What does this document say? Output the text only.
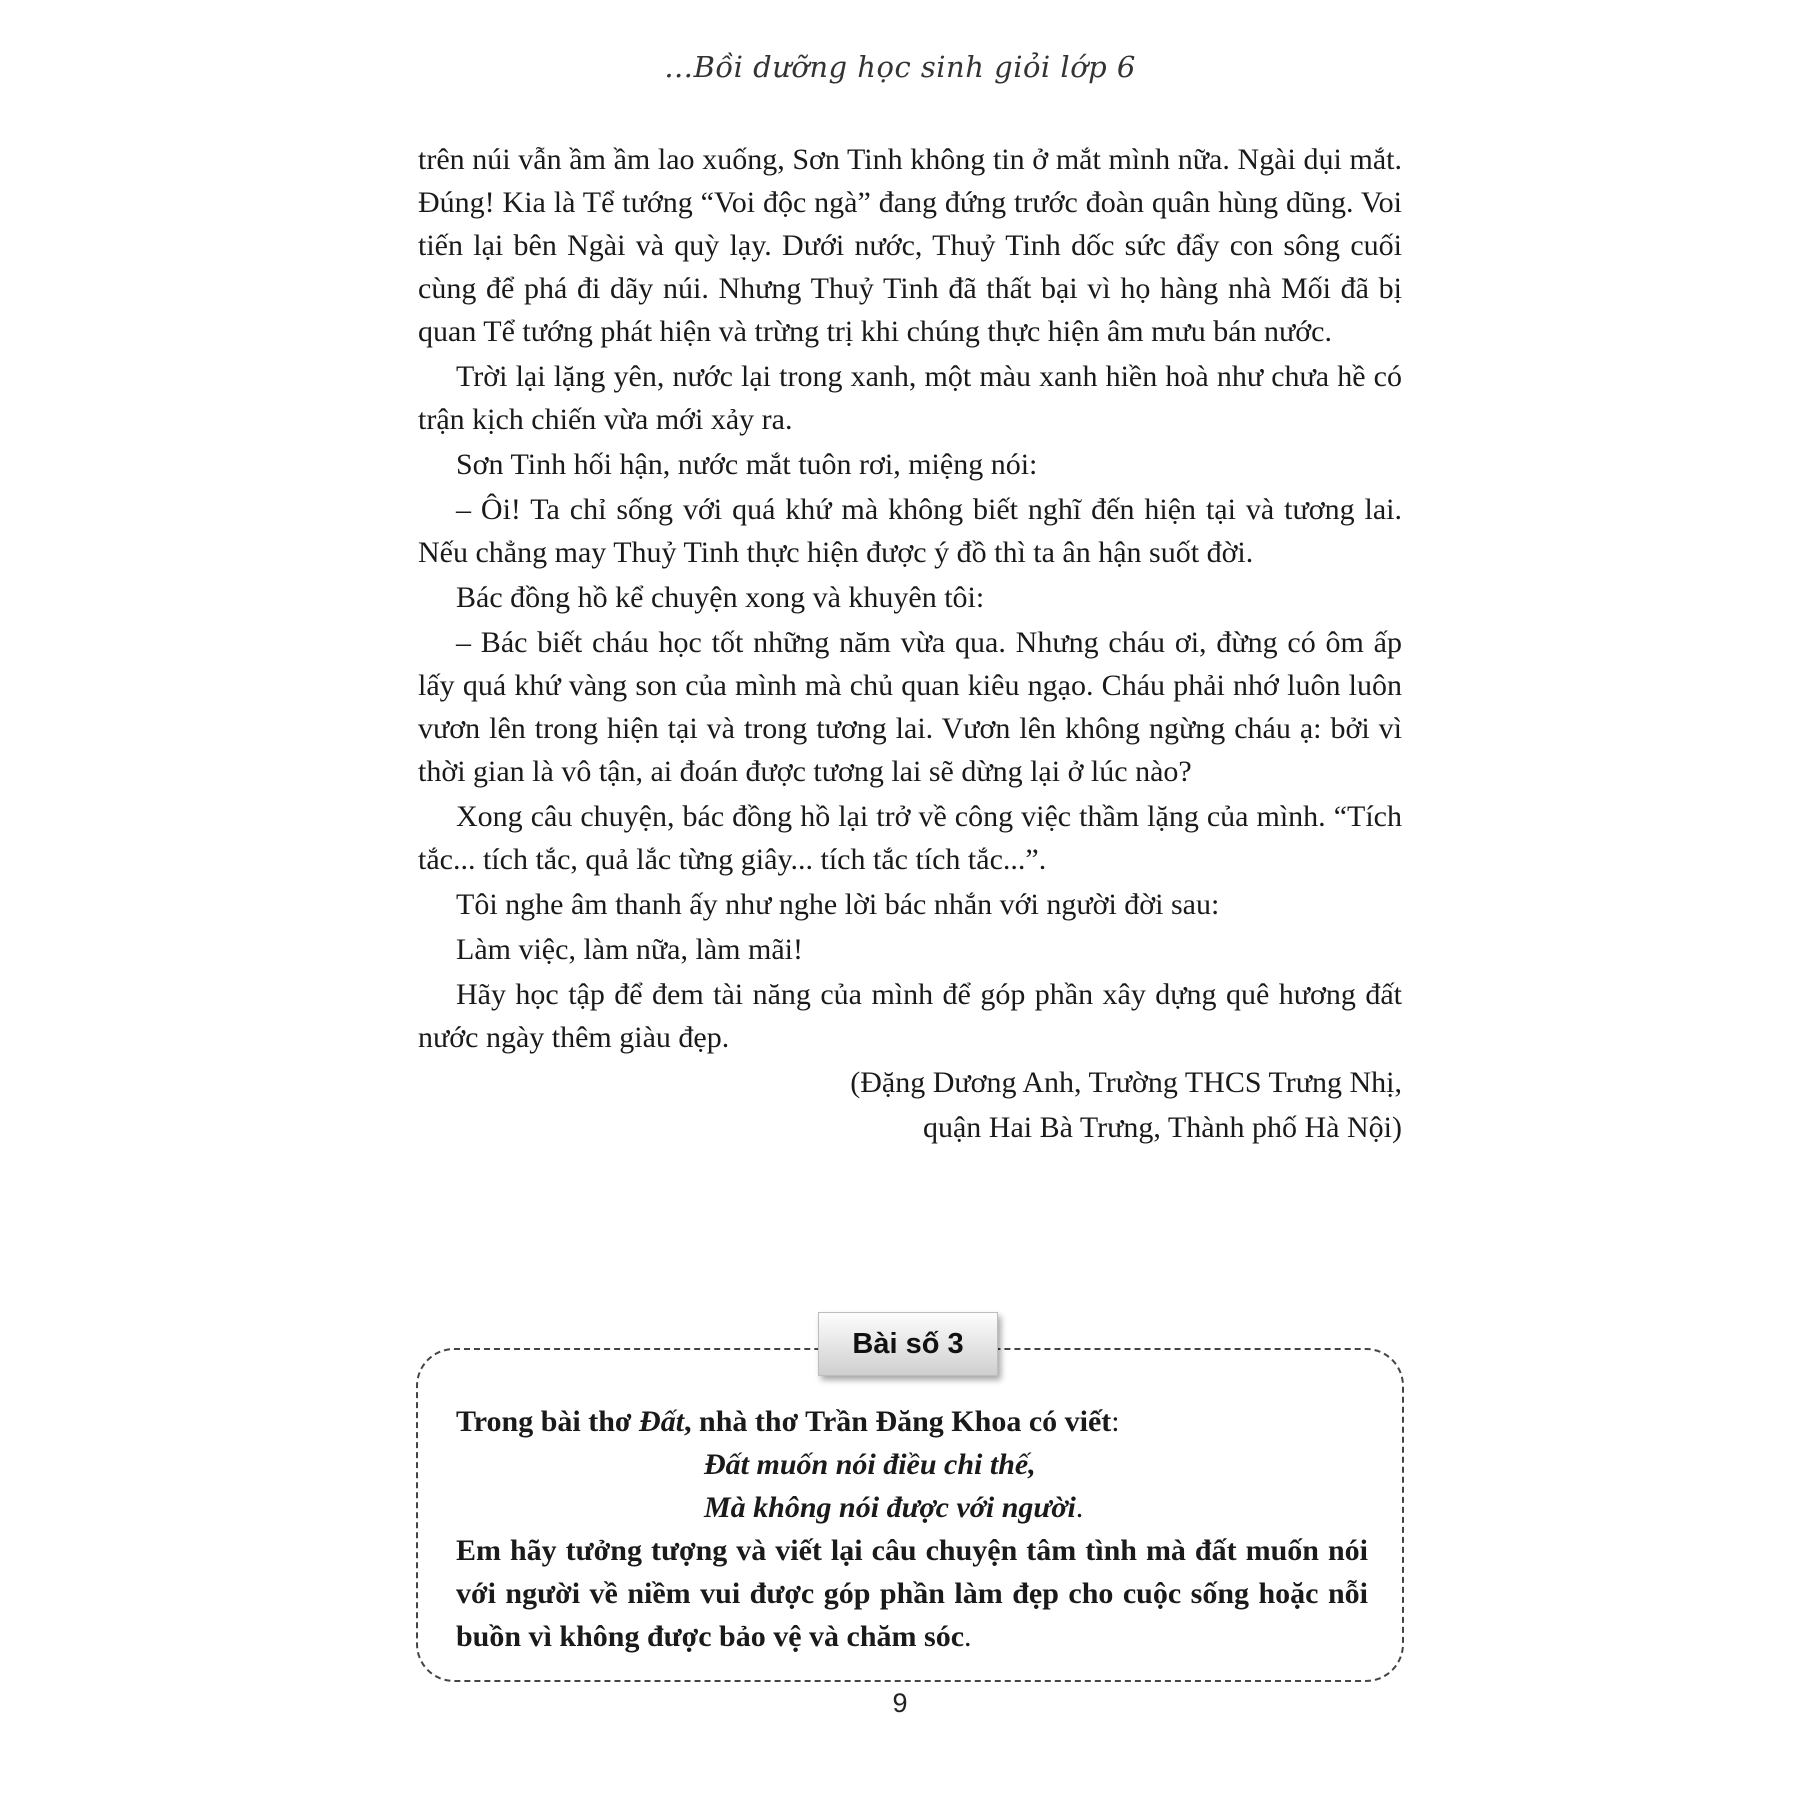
…Bồi dưỡng học sinh giỏi lớp 6

trên núi vẫn ầm ầm lao xuống, Sơn Tinh không tin ở mắt mình nữa. Ngài dụi mắt. Đúng! Kia là Tể tướng “Voi độc ngà” đang đứng trước đoàn quân hùng dũng. Voi tiến lại bên Ngài và quỳ lạy. Dưới nước, Thuỷ Tinh dốc sức đẩy con sông cuối cùng để phá đi dãy núi. Nhưng Thuỷ Tinh đã thất bại vì họ hàng nhà Mối đã bị quan Tể tướng phát hiện và trừng trị khi chúng thực hiện âm mưu bán nước.

Trời lại lặng yên, nước lại trong xanh, một màu xanh hiền hoà như chưa hề có trận kịch chiến vừa mới xảy ra.

Sơn Tinh hối hận, nước mắt tuôn rơi, miệng nói:

– Ôi! Ta chỉ sống với quá khứ mà không biết nghĩ đến hiện tại và tương lai. Nếu chẳng may Thuỷ Tinh thực hiện được ý đồ thì ta ân hận suốt đời.

Bác đồng hồ kể chuyện xong và khuyên tôi:

– Bác biết cháu học tốt những năm vừa qua. Nhưng cháu ơi, đừng có ôm ấp lấy quá khứ vàng son của mình mà chủ quan kiêu ngạo. Cháu phải nhớ luôn luôn vươn lên trong hiện tại và trong tương lai. Vươn lên không ngừng cháu ạ: bởi vì thời gian là vô tận, ai đoán được tương lai sẽ dừng lại ở lúc nào?

Xong câu chuyện, bác đồng hồ lại trở về công việc thầm lặng của mình. “Tích tắc... tích tắc, quả lắc từng giây... tích tắc tích tắc...”.

Tôi nghe âm thanh ấy như nghe lời bác nhắn với người đời sau:

Làm việc, làm nữa, làm mãi!

Hãy học tập để đem tài năng của mình để góp phần xây dựng quê hương đất nước ngày thêm giàu đẹp.

(Đặng Dương Anh, Trường THCS Trưng Nhị,

quận Hai Bà Trưng, Thành phố Hà Nội)

Bài số 3

Trong bài thơ Đất, nhà thơ Trần Đăng Khoa có viết:

Đất muốn nói điều chi thế,

Mà không nói được với người.

Em hãy tưởng tượng và viết lại câu chuyện tâm tình mà đất muốn nói với người về niềm vui được góp phần làm đẹp cho cuộc sống hoặc nỗi buồn vì không được bảo vệ và chăm sóc.

9
